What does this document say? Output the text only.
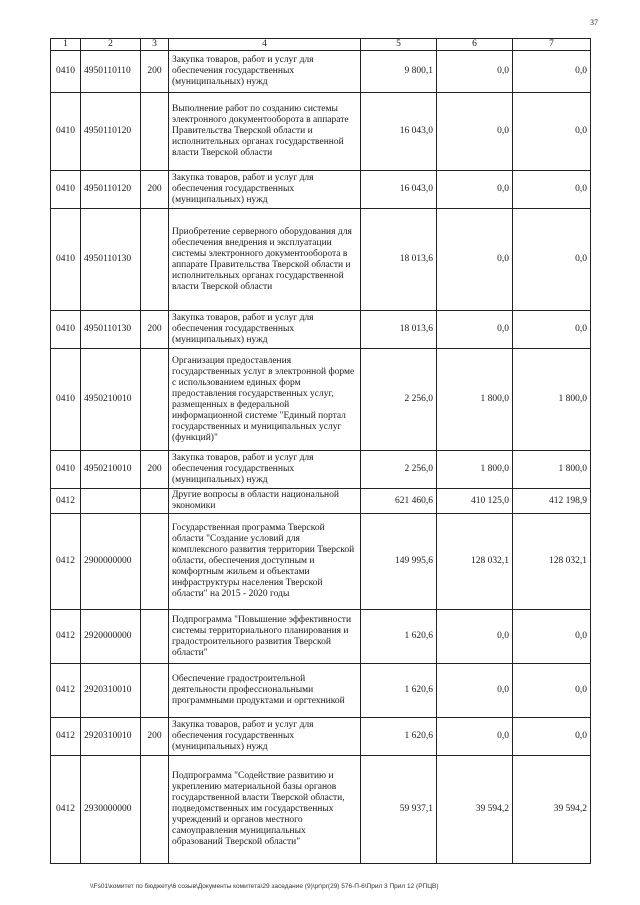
37
1	2	3	4	5	6	7
0410	4950110110	200	Закупка товаров, работ и услуг для обеспечения государственных (муниципальных) нужд	9 800,1	0,0	0,0
0410	4950110120		Выполнение работ по созданию системы электронного документооборота в аппарате Правительства Тверской области и исполнительных органах государственной власти Тверской области	16 043,0	0,0	0,0
0410	4950110120	200	Закупка товаров, работ и услуг для обеспечения государственных (муниципальных) нужд	16 043,0	0,0	0,0
0410	4950110130		Приобретение серверного оборудования для обеспечения внедрения и эксплуатации системы электронного документооборота в аппарате Правительства Тверской области и исполнительных органах государственной власти Тверской области	18 013,6	0,0	0,0
0410	4950110130	200	Закупка товаров, работ и услуг для обеспечения государственных (муниципальных) нужд	18 013,6	0,0	0,0
0410	4950210010		Организация предоставления государственных услуг в электронной форме с использованием единых форм предоставления государственных услуг, размещенных в федеральной информационной системе "Единый портал государственных и муниципальных услуг (функций)"	2 256,0	1 800,0	1 800,0
0410	4950210010	200	Закупка товаров, работ и услуг для обеспечения государственных (муниципальных) нужд	2 256,0	1 800,0	1 800,0
0412			Другие вопросы в области национальной экономики	621 460,6	410 125,0	412 198,9
0412	2900000000		Государственная программа Тверской области "Создание условий для комплексного развития территории Тверской области, обеспечения доступным и комфортным жильем и объектами инфраструктуры населения Тверской области" на 2015 - 2020 годы	149 995,6	128 032,1	128 032,1
0412	2920000000		Подпрограмма "Повышение эффективности системы территориального планирования и градостроительного развития Тверской области"	1 620,6	0,0	0,0
0412	2920310010		Обеспечение градостроительной деятельности профессиональными программными продуктами и оргтехникой	1 620,6	0,0	0,0
0412	2920310010	200	Закупка товаров, работ и услуг для обеспечения государственных (муниципальных) нужд	1 620,6	0,0	0,0
0412	2930000000		Подпрограмма "Содействие развитию и укреплению материальной базы органов государственной власти Тверской области, подведомственных им государственных учреждений и органов местного самоуправления муниципальных образований Тверской области"	59 937,1	39 594,2	39 594,2
\\Fs01\комитет по бюджету\6 созыв\Документы комитета\29 заседание (9)\pr\pr(29) 576-П-6\Прил 3 Прил 12 (РПЦВ)
